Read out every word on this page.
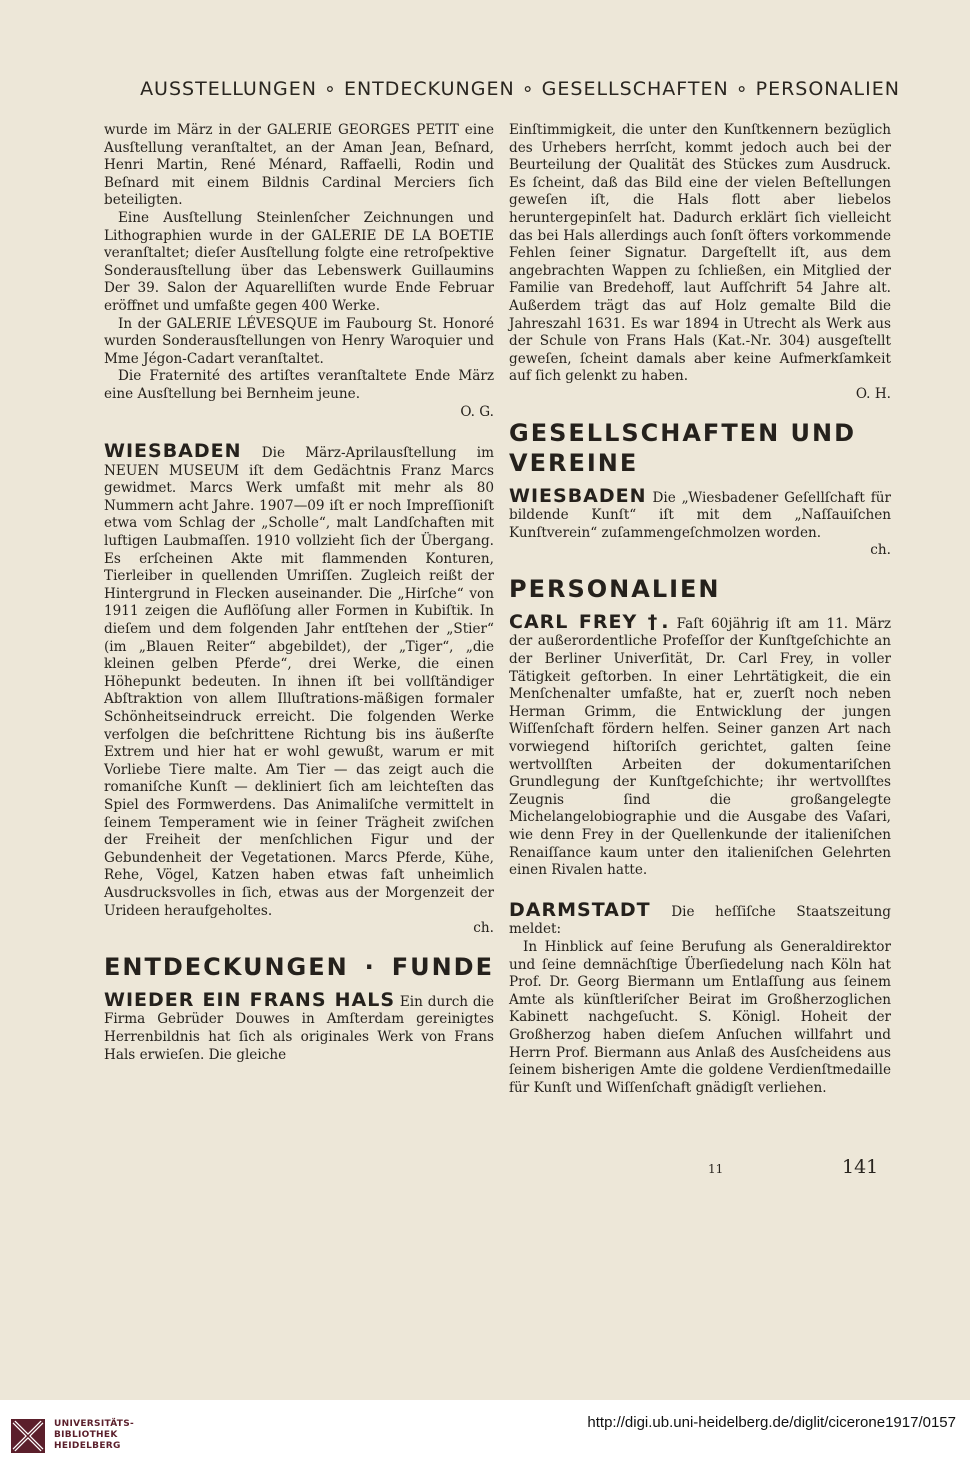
AUSSTELLUNGEN ∘ ENTDECKUNGEN ∘ GESELLSCHAFTEN ∘ PERSONALIEN

wurde im März in der GALERIE GEORGES PETIT eine Ausſtellung veranſtaltet, an der Aman Jean, Beſnard, Henri Martin, René Ménard, Raffaelli, Rodin und Beſnard mit einem Bildnis Cardinal Merciers ſich beteiligten.

Eine Ausſtellung Steinlenſcher Zeichnungen und Lithographien wurde in der GALERIE DE LA BOETIE veranſtaltet; dieſer Ausſtellung folgte eine retroſpektive Sonderausſtellung über das Lebenswerk Guillaumins Der 39. Salon der Aquarelliſten wurde Ende Februar eröffnet und umfaßte gegen 400 Werke.

In der GALERIE LÉVESQUE im Faubourg St. Honoré wurden Sonderausſtellungen von Henry Waroquier und Mme Jégon-Cadart veranſtaltet.

Die Fraternité des artiſtes veranſtaltete Ende März eine Ausſtellung bei Bernheim jeune.

O. G.

WIESBADEN Die März-Aprilausſtellung im NEUEN MUSEUM iſt dem Gedächtnis Franz Marcs gewidmet. Marcs Werk umfaßt mit mehr als 80 Nummern acht Jahre. 1907—09 iſt er noch Impreſſioniſt etwa vom Schlag der „Scholle“, malt Landſchaften mit luftigen Laubmaſſen. 1910 vollzieht ſich der Übergang. Es erſcheinen Akte mit flammenden Konturen, Tierleiber in quellenden Umriſſen. Zugleich reißt der Hintergrund in Flecken auseinander. Die „Hirſche“ von 1911 zeigen die Auflöſung aller Formen in Kubiſtik. In dieſem und dem folgenden Jahr entſtehen der „Stier“ (im „Blauen Reiter“ abgebildet), der „Tiger“, „die kleinen gelben Pferde“, drei Werke, die einen Höhepunkt bedeuten. In ihnen iſt bei vollſtändiger Abſtraktion von allem Illuſtrations-mäßigen formaler Schönheitseindruck erreicht. Die folgenden Werke verfolgen die beſchrittene Richtung bis ins äußerſte Extrem und hier hat er wohl gewußt, warum er mit Vorliebe Tiere malte. Am Tier — das zeigt auch die romaniſche Kunſt — dekliniert ſich am leichteſten das Spiel des Formwerdens. Das Animaliſche vermittelt in ſeinem Temperament wie in ſeiner Trägheit zwiſchen der Freiheit der menſchlichen Figur und der Gebundenheit der Vegetationen. Marcs Pferde, Kühe, Rehe, Vögel, Katzen haben etwas faſt unheimlich Ausdrucksvolles in ſich, etwas aus der Morgenzeit der Urideen heraufgeholtes.

ch.
ENTDECKUNGEN · FUNDE

WIEDER EIN FRANS HALS Ein durch die Firma Gebrüder Douwes in Amſterdam gereinigtes Herrenbildnis hat ſich als originales Werk von Frans Hals erwieſen. Die gleiche

Einſtimmigkeit, die unter den Kunſtkennern bezüglich des Urhebers herrſcht, kommt jedoch auch bei der Beurteilung der Qualität des Stückes zum Ausdruck. Es ſcheint, daß das Bild eine der vielen Beſtellungen geweſen iſt, die Hals flott aber liebelos heruntergepinſelt hat. Dadurch erklärt ſich vielleicht das bei Hals allerdings auch ſonſt öfters vorkommende Fehlen ſeiner Signatur. Dargeſtellt iſt, aus dem angebrachten Wappen zu ſchließen, ein Mitglied der Familie van Bredehoff, laut Aufſchrift 54 Jahre alt. Außerdem trägt das auf Holz gemalte Bild die Jahreszahl 1631. Es war 1894 in Utrecht als Werk aus der Schule von Frans Hals (Kat.-Nr. 304) ausgeſtellt geweſen, ſcheint damals aber keine Aufmerkſamkeit auf ſich gelenkt zu haben.

O. H.
GESELLSCHAFTEN UND VEREINE

WIESBADEN Die „Wiesbadener Geſellſchaft für bildende Kunſt“ iſt mit dem „Naſſauiſchen Kunſtverein“ zuſammengeſchmolzen worden.

ch.
PERSONALIEN

CARL FREY †. Faſt 60jährig iſt am 11. März der außerordentliche Profeſſor der Kunſtgeſchichte an der Berliner Univerſität, Dr. Carl Frey, in voller Tätigkeit geſtorben. In einer Lehrtätigkeit, die ein Menſchenalter umfaßte, hat er, zuerſt noch neben Herman Grimm, die Entwicklung der jungen Wiſſenſchaft fördern helfen. Seiner ganzen Art nach vorwiegend hiſtoriſch gerichtet, galten ſeine wertvollſten Arbeiten der dokumentariſchen Grundlegung der Kunſtgeſchichte; ihr wertvollſtes Zeugnis ſind die großangelegte Michelangelobiographie und die Ausgabe des Vaſari, wie denn Frey in der Quellenkunde der italieniſchen Renaiſſance kaum unter den italieniſchen Gelehrten einen Rivalen hatte.

DARMSTADT Die heſſiſche Staatszeitung meldet:

In Hinblick auf ſeine Berufung als Generaldirektor und ſeine demnächſtige Überſiedelung nach Köln hat Prof. Dr. Georg Biermann um Entlaſſung aus ſeinem Amte als künſtleriſcher Beirat im Großherzoglichen Kabinett nachgeſucht. S. Königl. Hoheit der Großherzog haben dieſem Anſuchen willfahrt und Herrn Prof. Biermann aus Anlaß des Ausſcheidens aus ſeinem bisherigen Amte die goldene Verdienſtmedaille für Kunſt und Wiſſenſchaft gnädigſt verliehen.

11	141
UNIVERSITÄTS-
BIBLIOTHEK
HEIDELBERG
http://digi.ub.uni-heidelberg.de/diglit/cicerone1917/0157
